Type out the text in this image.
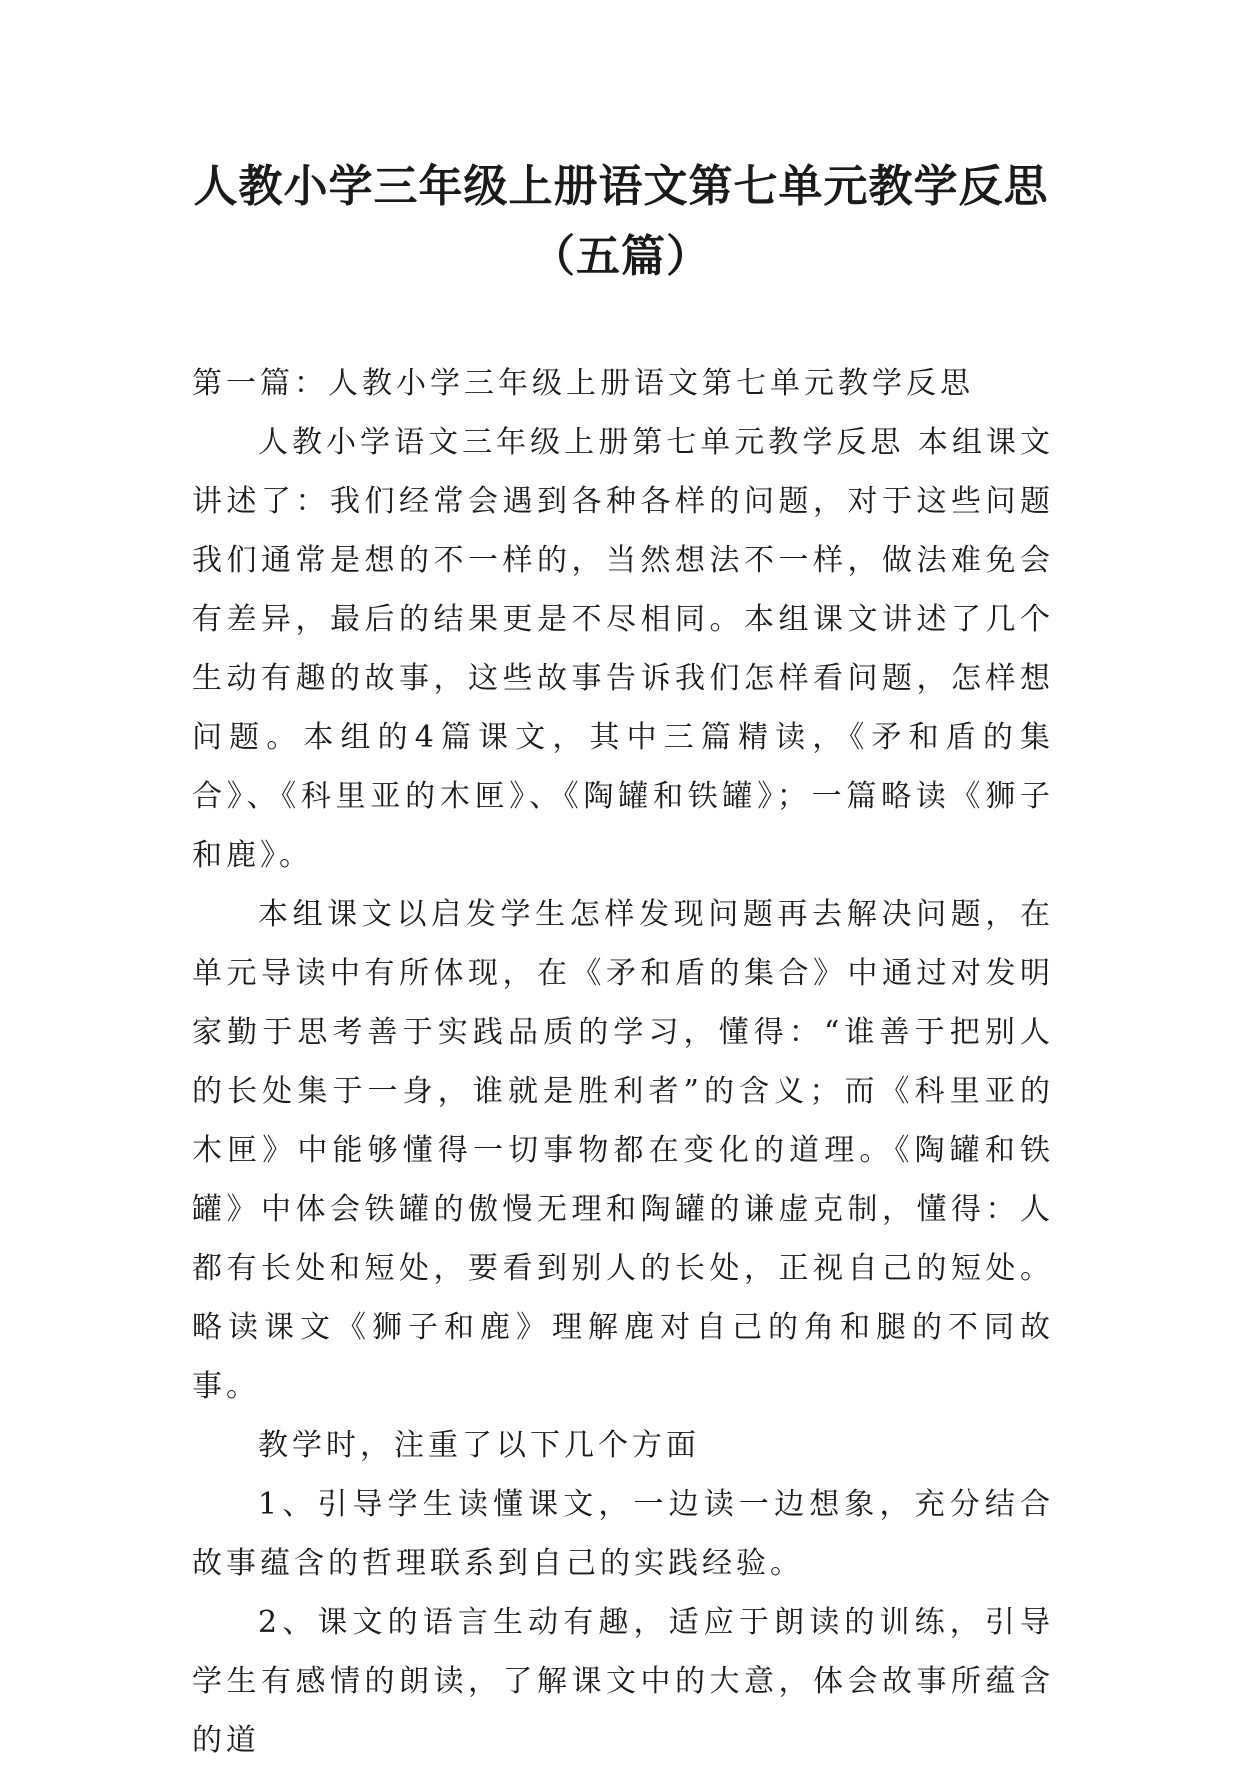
人教小学三年级上册语文第七单元教学反思（五篇）

第一篇：人教小学三年级上册语文第七单元教学反思

人教小学语文三年级上册第七单元教学反思 本组课文讲述了：我们经常会遇到各种各样的问题，对于这些问题我们通常是想的不一样的，当然想法不一样，做法难免会有差异，最后的结果更是不尽相同。本组课文讲述了几个生动有趣的故事，这些故事告诉我们怎样看问题，怎样想问题。本组的4篇课文，其中三篇精读，《矛和盾的集合》、《科里亚的木匣》、《陶罐和铁罐》；一篇略读《狮子和鹿》。

本组课文以启发学生怎样发现问题再去解决问题，在单元导读中有所体现，在《矛和盾的集合》中通过对发明家勤于思考善于实践品质的学习，懂得：“谁善于把别人的长处集于一身，谁就是胜利者”的含义；而《科里亚的木匣》中能够懂得一切事物都在变化的道理。《陶罐和铁罐》中体会铁罐的傲慢无理和陶罐的谦虚克制，懂得：人都有长处和短处，要看到别人的长处，正视自己的短处。略读课文《狮子和鹿》理解鹿对自己的角和腿的不同故事。

教学时，注重了以下几个方面

1、引导学生读懂课文，一边读一边想象，充分结合故事蕴含的哲理联系到自己的实践经验。

2、课文的语言生动有趣，适应于朗读的训练，引导学生有感情的朗读，了解课文中的大意，体会故事所蕴含的道
